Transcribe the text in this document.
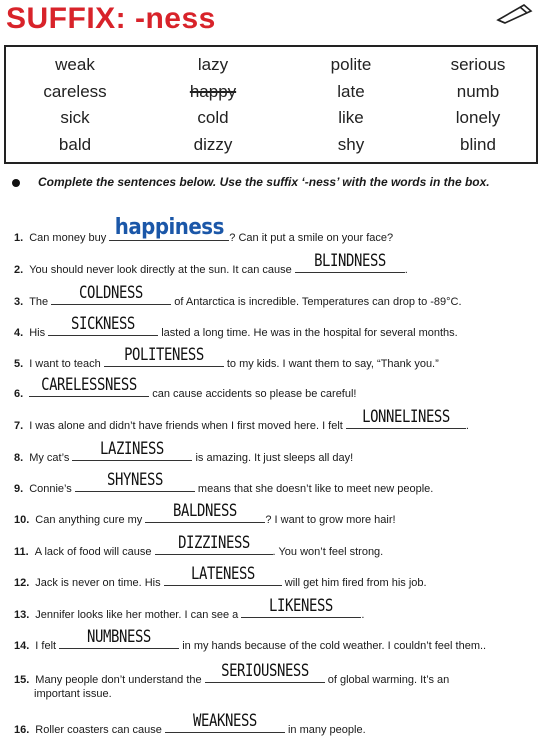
SUFFIX: -ness
weak	lazy	polite	serious
careless	happy	late	numb
sick	cold	like	lonely
bald	dizzy	shy	blind
Complete the sentences below. Use the suffix ‘-ness’ with the words in the box.
1. Can money buy happiness ? Can it put a smile on your face?
2. You should never look directly at the sun. It can cause	BLINDNESS	.
3. The	COLDNESS	of Antarctica is incredible. Temperatures can drop to -89°C.
4. His	SICKNESS	lasted a long time. He was in the hospital for several months.
5. I want to teach	POLITENESS	to my kids. I want them to say, “Thank you.”
6. CARELESSNESS can cause accidents so please be careful!
7. I was alone and didn’t have friends when I first moved here. I felt	LONNELINESS	.
8. My cat’s	LAZINESS	is amazing. It just sleeps all day!
9. Connie’s	SHYNESS	means that she doesn’t like to meet new people.
10. Can anything cure my	BALDNESS	? I want to grow more hair!
11. A lack of food will cause	DIZZINESS	. You won’t feel strong.
12. Jack is never on time. His	LATENESS	will get him fired from his job.
13. Jennifer looks like her mother. I can see a	LIKENESS	.
14. I felt	NUMBNESS	in my hands because of the cold weather. I couldn’t feel them..
15. Many people don’t understand the	SERIOUSNESS	of global warming. It’s an
important issue.
16. Roller coasters can cause	WEAKNESS	in many people.
